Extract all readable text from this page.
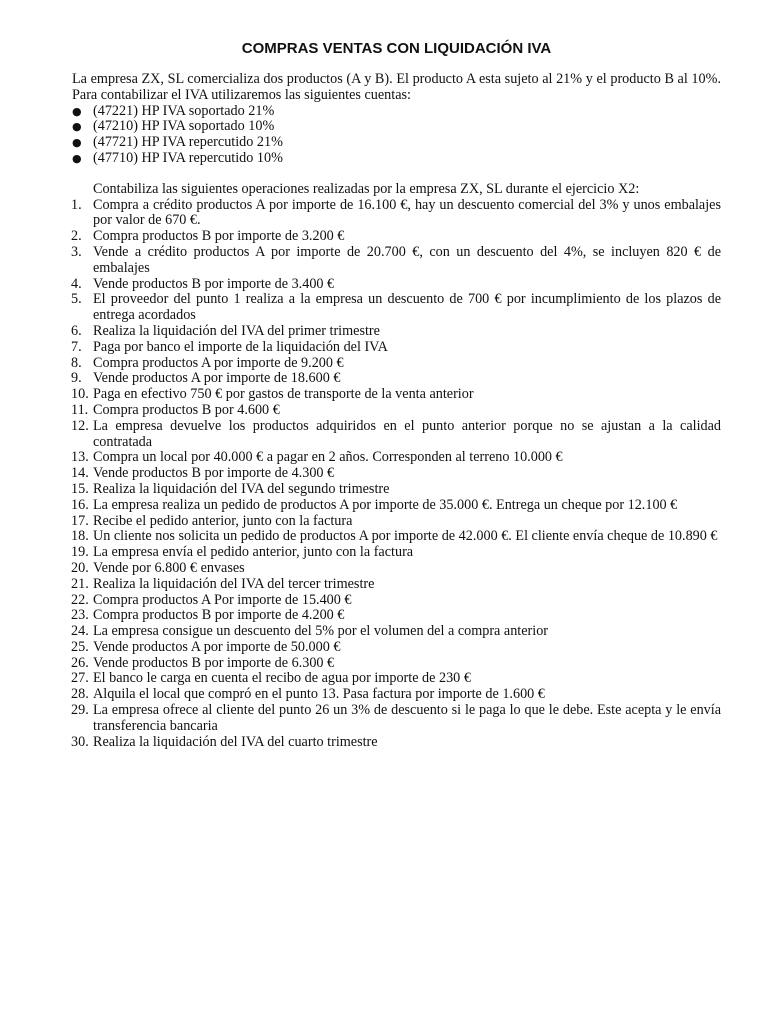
COMPRAS VENTAS CON LIQUIDACIÓN IVA

La empresa ZX, SL comercializa dos productos (A y B). El producto A esta sujeto al 21% y el producto B al 10%. Para contabilizar el IVA utilizaremos las siguientes cuentas:

● (47221) HP IVA soportado 21%
● (47210) HP IVA soportado 10%
● (47721) HP IVA repercutido 21%
● (47710) HP IVA repercutido 10%

Contabiliza las siguientes operaciones realizadas por la empresa ZX, SL durante el ejercicio X2:

1. Compra a crédito productos A por importe de 16.100 €, hay un descuento comercial del 3% y unos embalajes por valor de 670 €.
2. Compra productos B por importe de 3.200 €
3. Vende a crédito productos A por importe de 20.700 €, con un descuento del 4%, se incluyen 820 € de embalajes
4. Vende productos B por importe de 3.400 €
5. El proveedor del punto 1 realiza a la empresa un descuento de 700 € por incumplimiento de los plazos de entrega acordados
6. Realiza la liquidación del IVA del primer trimestre
7. Paga por banco el importe de la liquidación del IVA
8. Compra productos A por importe de 9.200 €
9. Vende productos A por importe de 18.600 €
10. Paga en efectivo 750 € por gastos de transporte de la venta anterior
11. Compra productos B por 4.600 €
12. La empresa devuelve los productos adquiridos en el punto anterior porque no se ajustan a la calidad contratada
13. Compra un local por 40.000 € a pagar en 2 años. Corresponden al terreno 10.000 €
14. Vende productos B por importe de 4.300 €
15. Realiza la liquidación del IVA del segundo trimestre
16. La empresa realiza un pedido de productos A por importe de 35.000 €. Entrega un cheque por 12.100 €
17. Recibe el pedido anterior, junto con la factura
18. Un cliente nos solicita un pedido de productos A por importe de 42.000 €. El cliente envía cheque de 10.890 €
19. La empresa envía el pedido anterior, junto con la factura
20. Vende por 6.800 € envases
21. Realiza la liquidación del IVA del tercer trimestre
22. Compra productos A Por importe de 15.400 €
23. Compra productos B por importe de 4.200 €
24. La empresa consigue un descuento del 5% por el volumen del a compra anterior
25. Vende productos A por importe de 50.000 €
26. Vende productos B por importe de 6.300 €
27. El banco le carga en cuenta el recibo de agua por importe de 230 €
28. Alquila el local que compró en el punto 13. Pasa factura por importe de 1.600 €
29. La empresa ofrece al cliente del punto 26 un 3% de descuento si le paga lo que le debe. Este acepta y le envía transferencia bancaria
30. Realiza la liquidación del IVA del cuarto trimestre
